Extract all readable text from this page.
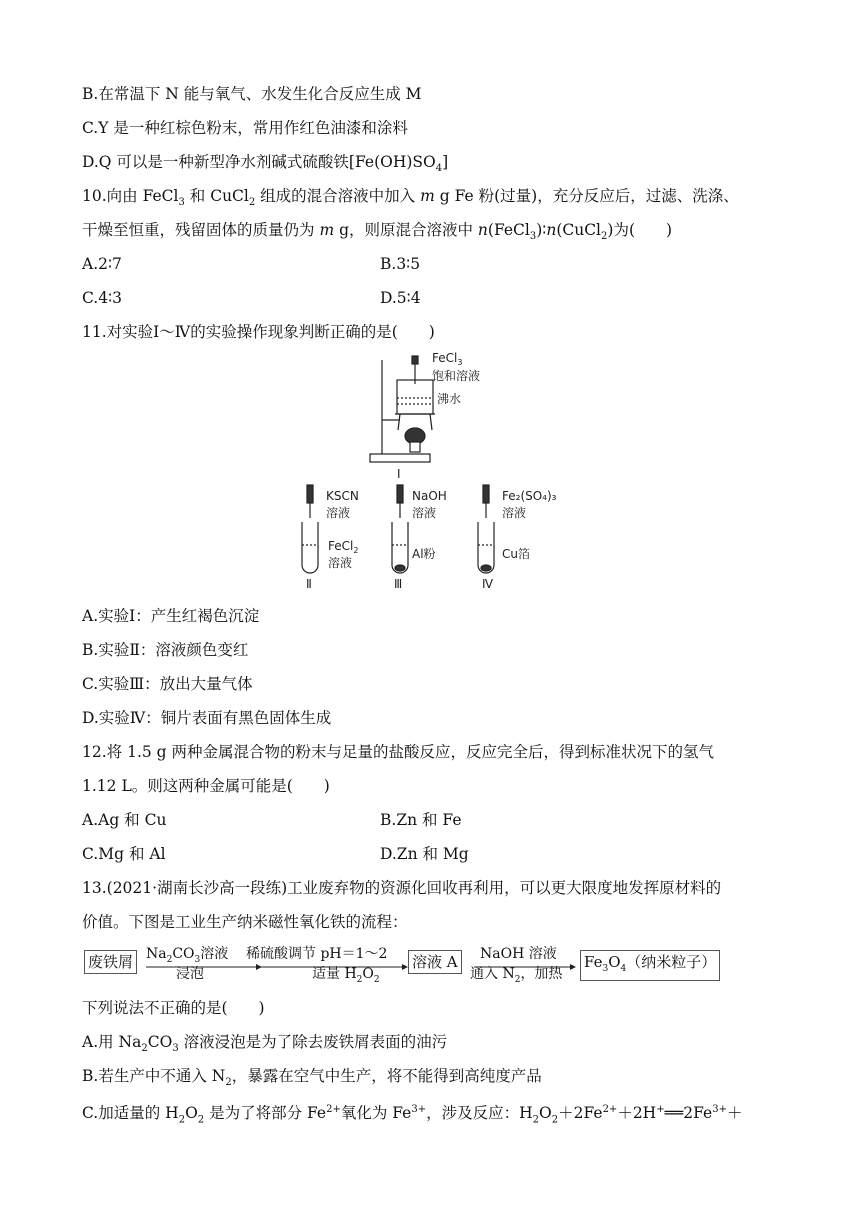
B.在常温下 N 能与氧气、水发生化合反应生成 M
C.Y 是一种红棕色粉末，常用作红色油漆和涂料
D.Q 可以是一种新型净水剂碱式硫酸铁$[Fe(OH)SO_4]$
10.向由 FeCl$_3$ 和 CuCl$_2$ 组成的混合溶液中加入 m g Fe 粉(过量)，充分反应后，过滤、洗涤、
干燥至恒重，残留固体的质量仍为 m g，则原混合溶液中 n(FeCl$_3$)∶n(CuCl$_2$)为(　　)
A.2∶7	B.3∶5
C.4∶3	D.5∶4
11.对实验Ⅰ～Ⅳ的实验操作现象判断正确的是(　　)
FeCl$_3$
饱和溶液
沸水
Ⅰ
KSCN
溶液
FeCl$_2$
溶液
NaOH
溶液
Al粉
Fe₂(SO₄)₃
溶液
Cu箔
Ⅱ	Ⅲ	Ⅳ
A.实验Ⅰ：产生红褐色沉淀
B.实验Ⅱ：溶液颜色变红
C.实验Ⅲ：放出大量气体
D.实验Ⅳ：铜片表面有黑色固体生成
12.将 1.5 g 两种金属混合物的粉末与足量的盐酸反应，反应完全后，得到标准状况下的氢气
1.12 L。则这两种金属可能是(　　)
A.Ag 和 Cu	B.Zn 和 Fe
C.Mg 和 Al	D.Zn 和 Mg
13.(2021·湖南长沙高一段练)工业废弃物的资源化回收再利用，可以更大限度地发挥原材料的
价值。下图是工业生产纳米磁性氧化铁的流程：
废铁屑 $Na_2CO_3$溶液
浸泡
稀硫酸调节 pH＝1～2
适量 $H_2O_2$
溶液 A NaOH 溶液
通入 $N_2$，加热
$Fe_3O_4$（纳米粒子）
下列说法不正确的是(　　)
A.用 $Na_2CO_3$ 溶液浸泡是为了除去废铁屑表面的油污
B.若生产中不通入 $N_2$，暴露在空气中生产，将不能得到高纯度产品
C.加适量的 $H_2O_2$ 是为了将部分 $Fe^{2+}$氧化为 $Fe^{3+}$，涉及反应：$H_2O_2+2Fe^{2+}+2H^+══2Fe^{3+}+$
